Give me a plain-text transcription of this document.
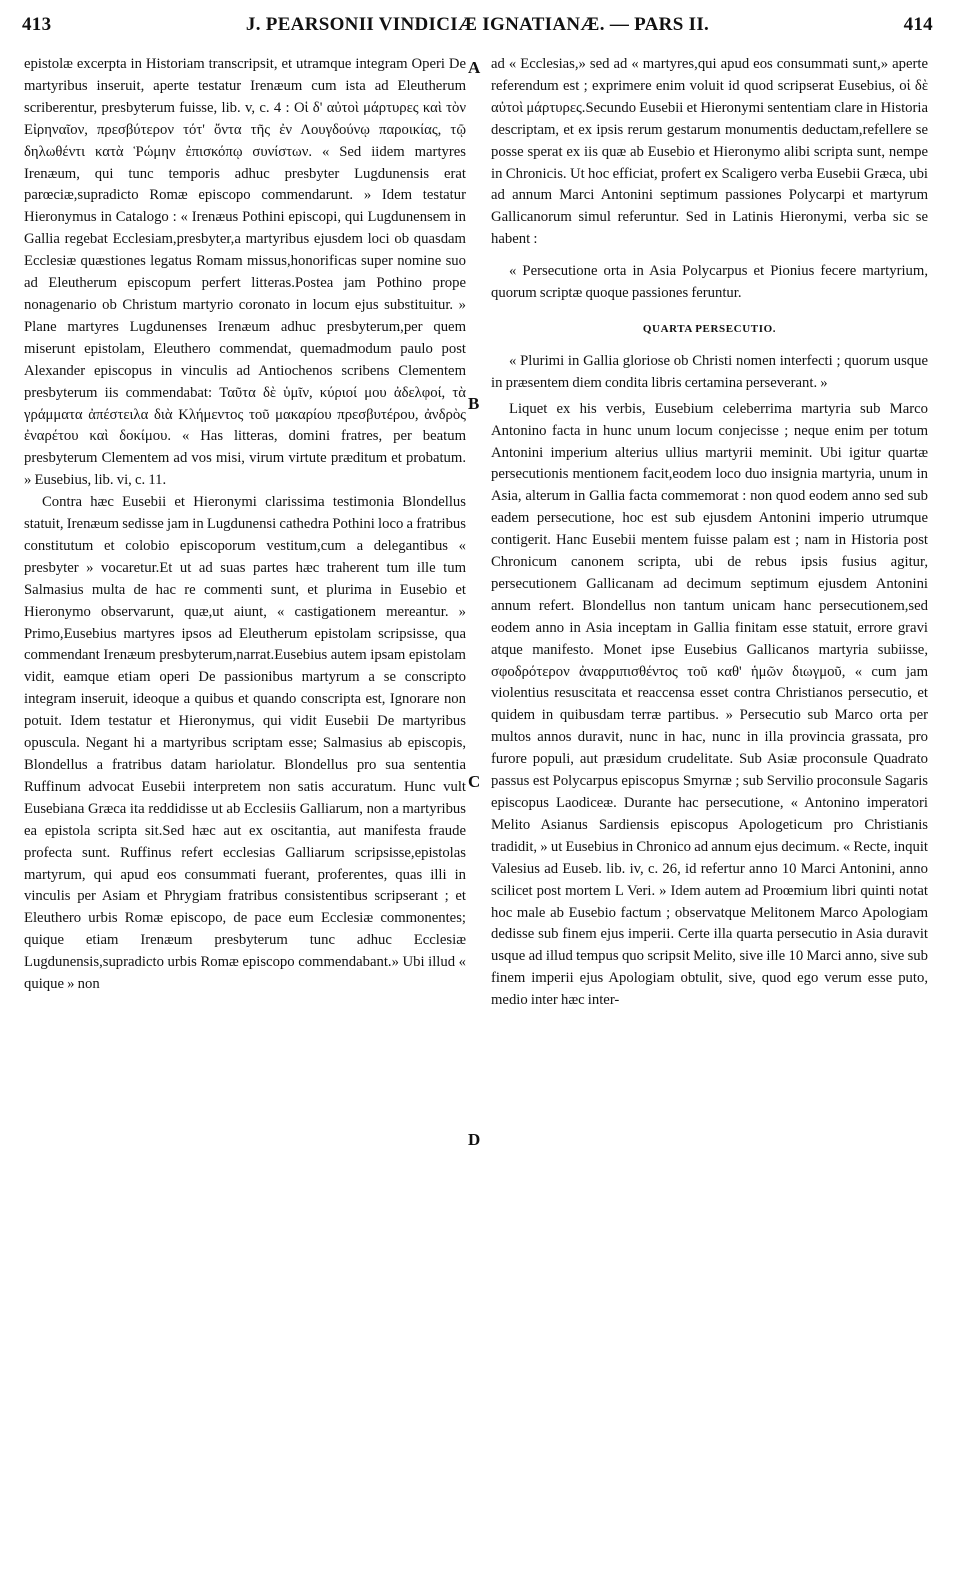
413	J. PEARSONII VINDICIÆ IGNATIANÆ. — PARS II.	414

epistolæ excerpta in Historiam transcripsit, et utramque integram Operi De martyribus inseruit, aperte testatur Irenæum cum ista ad Eleutherum scriberentur, presbyterum fuisse, lib. v, c. 4 : Οἱ δ' αὐτοὶ μάρτυρες καὶ τὸν Εἰρηναῖον, πρεσβύτερον τότ' ὄντα τῆς ἐν Λουγδούνῳ παροικίας, τῷ δηλωθέντι κατὰ Ῥώμην ἐπισκόπῳ συνίστων. « Sed iidem martyres Irenæum, qui tunc temporis adhuc presbyter Lugdunensis erat parœciæ,supradicto Romæ episcopo commendarunt. » Idem testatur Hieronymus in Catalogo : « Irenæus Pothini episcopi, qui Lugdunensem in Gallia regebat Ecclesiam,presbyter,a martyribus ejusdem loci ob quasdam Ecclesiæ quæstiones legatus Romam missus,honorificas super nomine suo ad Eleutherum episcopum perfert litteras.Postea jam Pothino prope nonagenario ob Christum martyrio coronato in locum ejus substituitur. » Plane martyres Lugdunenses Irenæum adhuc presbyterum,per quem miserunt epistolam, Eleuthero commendat, quemadmodum paulo post Alexander episcopus in vinculis ad Antiochenos scribens Clementem presbyterum iis commendabat: Ταῦτα δὲ ὑμῖν, κύριοί μου ἀδελφοί, τὰ γράμματα ἀπέστειλα διὰ Κλήμεντος τοῦ μακαρίου πρεσβυτέρου, ἀνδρὸς ἐναρέτου καὶ δοκίμου. « Has litteras, domini fratres, per beatum presbyterum Clementem ad vos misi, virum virtute præditum et probatum. » Eusebius, lib. vi, c. 11.

Contra hæc Eusebii et Hieronymi clarissima testimonia Blondellus statuit, Irenæum sedisse jam in Lugdunensi cathedra Pothini loco a fratribus constitutum et colobio episcoporum vestitum,cum a delegantibus « presbyter » vocaretur.Et ut ad suas partes hæc traherent tum ille tum Salmasius multa de hac re commenti sunt, et plurima in Eusebio et Hieronymo observarunt, quæ,ut aiunt, « castigationem mereantur. » Primo,Eusebius martyres ipsos ad Eleutherum epistolam scripsisse, qua commendant Irenæum presbyterum,narrat.Eusebius autem ipsam epistolam vidit, eamque etiam operi De passionibus martyrum a se conscripto integram inseruit, ideoque a quibus et quando conscripta est, Ignorare non potuit. Idem testatur et Hieronymus, qui vidit Eusebii De martyribus opuscula. Negant hi a martyribus scriptam esse; Salmasius ab episcopis, Blondellus a fratribus datam hariolatur. Blondellus pro sua sententia Ruffinum advocat Eusebii interpretem non satis accuratum. Hunc vult Eusebiana Græca ita reddidisse ut ab Ecclesiis Galliarum, non a martyribus ea epistola scripta sit.Sed hæc aut ex oscitantia, aut manifesta fraude profecta sunt. Ruffinus refert ecclesias Galliarum scripsisse,epistolas martyrum, qui apud eos consummati fuerant, proferentes, quas illi in vinculis per Asiam et Phrygiam fratribus consistentibus scripserant ; et Eleuthero urbis Romæ episcopo, de pace eum Ecclesiæ commonentes; quique etiam Irenæum presbyterum tunc adhuc Ecclesiæ Lugdunensis,supradicto urbis Romæ episcopo commendabant.» Ubi illud « quique » non

A
B
C
D

ad « Ecclesias,» sed ad « martyres,qui apud eos consummati sunt,» aperte referendum est ; exprimere enim voluit id quod scripserat Eusebius, οἱ δὲ αὐτοὶ μάρτυρες.Secundo Eusebii et Hieronymi sententiam clare in Historia descriptam, et ex ipsis rerum gestarum monumentis deductam,refellere se posse sperat ex iis quæ ab Eusebio et Hieronymo alibi scripta sunt, nempe in Chronicis. Ut hoc efficiat, profert ex Scaligero verba Eusebii Græca, ubi ad annum Marci Antonini septimum passiones Polycarpi et martyrum Gallicanorum simul referuntur. Sed in Latinis Hieronymi, verba sic se habent :

« Persecutione orta in Asia Polycarpus et Pionius fecere martyrium, quorum scriptæ quoque passiones feruntur.

QUARTA PERSECUTIO.

« Plurimi in Gallia gloriose ob Christi nomen interfecti ; quorum usque in præsentem diem condita libris certamina perseverant. »

Liquet ex his verbis, Eusebium celeberrima martyria sub Marco Antonino facta in hunc unum locum conjecisse ; neque enim per totum Antonini imperium alterius ullius martyrii meminit. Ubi igitur quartæ persecutionis mentionem facit,eodem loco duo insignia martyria, unum in Asia, alterum in Gallia facta commemorat : non quod eodem anno sed sub eadem persecutione, hoc est sub ejusdem Antonini imperio utrumque contigerit. Hanc Eusebii mentem fuisse palam est ; nam in Historia post Chronicum canonem scripta, ubi de rebus ipsis fusius agitur, persecutionem Gallicanam ad decimum septimum ejusdem Antonini annum refert. Blondellus non tantum unicam hanc persecutionem,sed eodem anno in Asia inceptam in Gallia finitam esse statuit, errore gravi atque manifesto. Monet ipse Eusebius Gallicanos martyria subiisse, σφοδρότερον ἀναρριπισθέντος τοῦ καθ' ἡμῶν διωγμοῦ, « cum jam violentius resuscitata et reaccensa esset contra Christianos persecutio, et quidem in quibusdam terræ partibus. » Persecutio sub Marco orta per multos annos duravit, nunc in hac, nunc in illa provincia grassata, pro furore populi, aut præsidum crudelitate. Sub Asiæ proconsule Quadrato passus est Polycarpus episcopus Smyrnæ ; sub Servilio proconsule Sagaris episcopus Laodiceæ. Durante hac persecutione, « Antonino imperatori Melito Asianus Sardiensis episcopus Apologeticum pro Christianis tradidit, » ut Eusebius in Chronico ad annum ejus decimum. « Recte, inquit Valesius ad Euseb. lib. iv, c. 26, id refertur anno 10 Marci Antonini, anno scilicet post mortem L Veri. » Idem autem ad Proœmium libri quinti notat hoc male ab Eusebio factum ; observatque Melitonem Marco Apologiam dedisse sub finem ejus imperii. Certe illa quarta persecutio in Asia duravit usque ad illud tempus quo scripsit Melito, sive ille 10 Marci anno, sive sub finem imperii ejus Apologiam obtulit, sive, quod ego verum esse puto, medio inter hæc inter-
